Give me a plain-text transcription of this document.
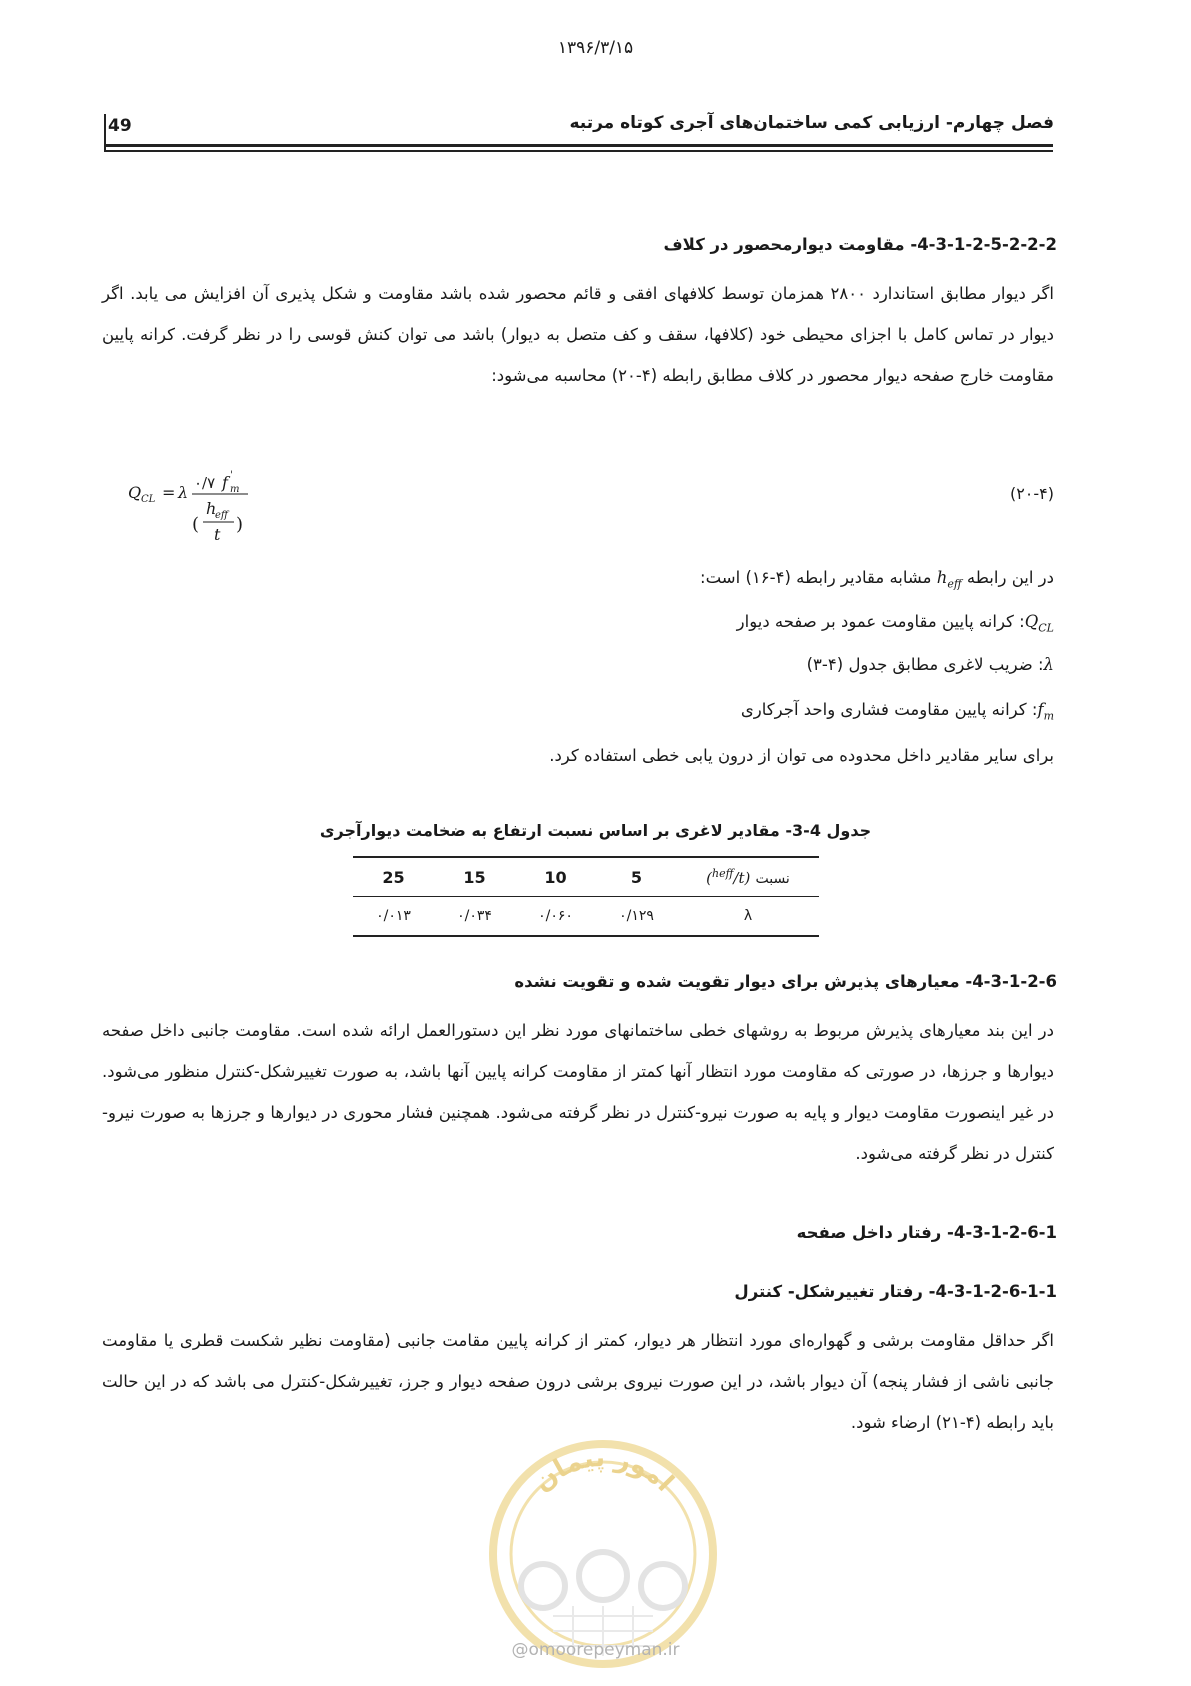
۱۳۹۶/۳/۱۵
49	فصل چهارم- ارزیابی کمی ساختمان‌های آجری کوتاه مرتبه
4-3-1-2-5-2-2-2- مقاومت دیوارمحصور در کلاف
اگر دیوار مطابق استاندارد ۲۸۰۰ همزمان توسط کلافهای افقی و قائم محصور شده باشد مقاومت و شکل پذیری آن افزایش می یابد. اگر دیوار در تماس کامل با اجزای محیطی خود (کلافها، سقف و کف متصل به دیوار) باشد می توان کنش قوسی را در نظر گرفت. کرانه پایین مقاومت خارج صفحه دیوار محصور در کلاف مطابق رابطه (۴-۲۰) محاسبه می‌شود:
Q CL = λ ۰/۷ f m
'
(
h
eff
t )
(۲۰-۴)
در این رابطه $h_{eff}$ مشابه مقادیر رابطه (۴-۱۶) است:
$Q_{CL}$: کرانه پایین مقاومت عمود بر صفحه دیوار
λ: ضریب لاغری مطابق جدول (۴-۳)
$f_m$: کرانه پایین مقاومت فشاری واحد آجرکاری
برای سایر مقادیر داخل محدوده می توان از درون یابی خطی استفاده کرد.
جدول 4-3- مقادیر لاغری بر اساس نسبت ارتفاع به ضخامت دیوارآجری
25	15	10	5	($^{heff}$/t) نسبت
۰/۰۱۳	۰/۰۳۴	۰/۰۶۰	۰/۱۲۹	λ
4-3-1-2-6- معیارهای پذیرش برای دیوار تقویت شده و تقویت نشده
در این بند معیارهای پذیرش مربوط به روشهای خطی ساختمانهای مورد نظر این دستورالعمل ارائه شده است. مقاومت جانبی داخل صفحه دیوارها و جرزها، در صورتی که مقاومت مورد انتظار آنها کمتر از مقاومت کرانه پایین آنها باشد، به صورت تغییرشکل-کنترل منظور می‌شود. در غیر اینصورت مقاومت دیوار و پایه به صورت نیرو-کنترل در نظر گرفته می‌شود. همچنین فشار محوری در دیوارها و جرزها به صورت نیرو-کنترل در نظر گرفته می‌شود.
4-3-1-2-6-1- رفتار داخل صفحه
4-3-1-2-6-1-1- رفتار تغییرشکل- کنترل
اگر حداقل مقاومت برشی و گهواره‌ای مورد انتظار هر دیوار، کمتر از کرانه پایین مقامت جانبی (مقاومت نظیر شکست قطری یا مقاومت جانبی ناشی از فشار پنجه) آن دیوار باشد، در این صورت نیروی برشی درون صفحه دیوار و جرز، تغییرشکل-کنترل می باشد که در این حالت باید رابطه (۴-۲۱) ارضاء شود.
امور پیمان
@omoorepeyman.ir
